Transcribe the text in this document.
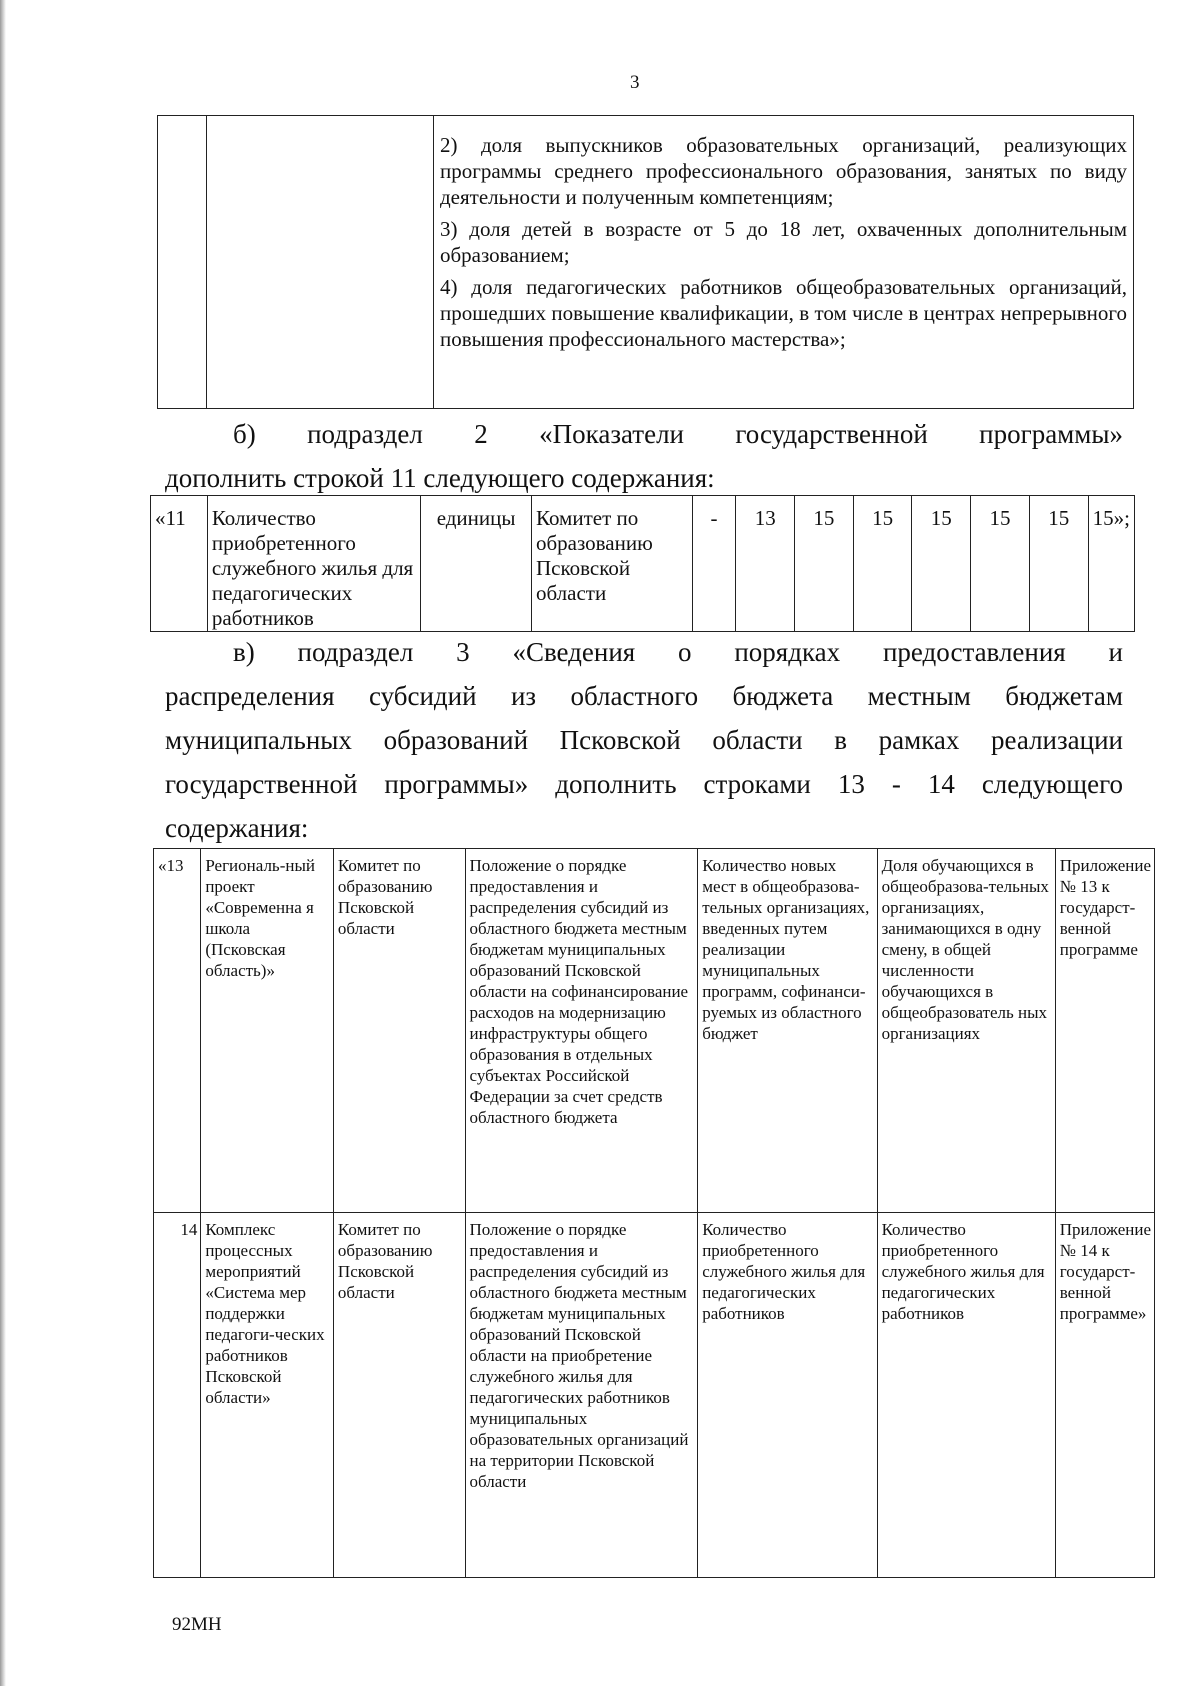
3

2) доля выпускников образовательных организаций, реализующих программы среднего профессионального образования, занятых по виду деятельности и полученным компетенциям;
3) доля детей в возрасте от 5 до 18 лет, охваченных дополнительным образованием;
4) доля педагогических работников общеобразовательных организаций, прошедших повышение квалификации, в том числе в центрах непрерывного повышения профессионального мастерства»;
б) подраздел 2 «Показатели государственной программы»
дополнить строкой 11 следующего содержания:
«11	Количество приобретенного служебного жилья для педагогических работников	единицы	Комитет по образованию Псковской области	-	13	15	15	15	15	15	15»;
в) подраздел 3 «Сведения о порядках предоставления и
распределения субсидий из областного бюджета местным бюджетам
муниципальных образований Псковской области в рамках реализации
государственной программы» дополнить строками 13 - 14 следующего
содержания:
«13	Региональ-ный проект «Современна я школа (Псковская область)»	Комитет по образованию Псковской области	Положение о порядке предоставления и распределения субсидий из областного бюджета местным бюджетам муниципальных образований Псковской области на софинансирование расходов на модернизацию инфраструктуры общего образования в отдельных субъектах Российской Федерации за счет средств областного бюджета	Количество новых мест в общеобразова-тельных организациях, введенных путем реализации муниципальных программ, софинанси-руемых из областного бюджет	Доля обучающихся в общеобразова-тельных организациях, занимающихся в одну смену, в общей численности обучающихся в общеобразователь ных организациях	Приложение № 13 к государст-венной программе
14	Комплекс процессных мероприятий «Система мер поддержки педагоги-ческих работников Псковской области»	Комитет по образованию Псковской области	Положение о порядке предоставления и распределения субсидий из областного бюджета местным бюджетам муниципальных образований Псковской области на приобретение служебного жилья для педагогических работников муниципальных образовательных организаций на территории Псковской области	Количество приобретенного служебного жилья для педагогических работников	Количество приобретенного служебного жилья для педагогических работников	Приложение № 14 к государст-венной программе»
92МН
